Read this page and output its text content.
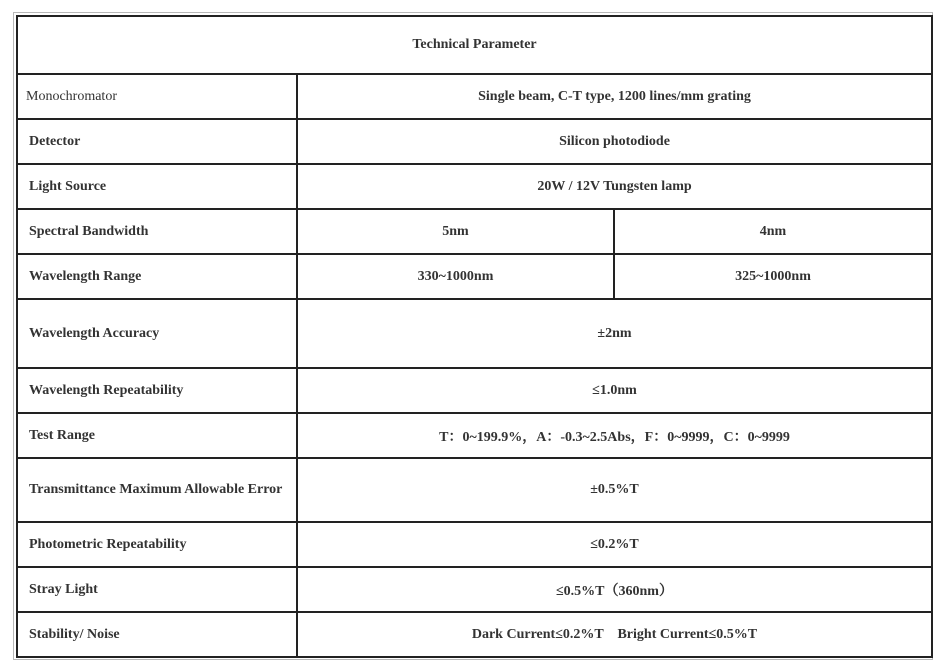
Technical Parameter		
Monochromator	Single beam, C-T type, 1200 lines/mm grating	
Detector	Silicon photodiode	
Light Source	20W / 12V Tungsten lamp	
Spectral Bandwidth	5nm	4nm
Wavelength Range	330~1000nm	325~1000nm
Wavelength Accuracy	±2nm	
Wavelength Repeatability	≤1.0nm	
Test Range	T：0~199.9%，A：-0.3~2.5Abs，F：0~9999，C：0~9999	
Transmittance Maximum Allowable Error	±0.5%T	
Photometric Repeatability	≤0.2%T	
Stray Light	≤0.5%T（360nm）	
Stability/ Noise	Dark Current≤0.2%T    Bright Current≤0.5%T	
